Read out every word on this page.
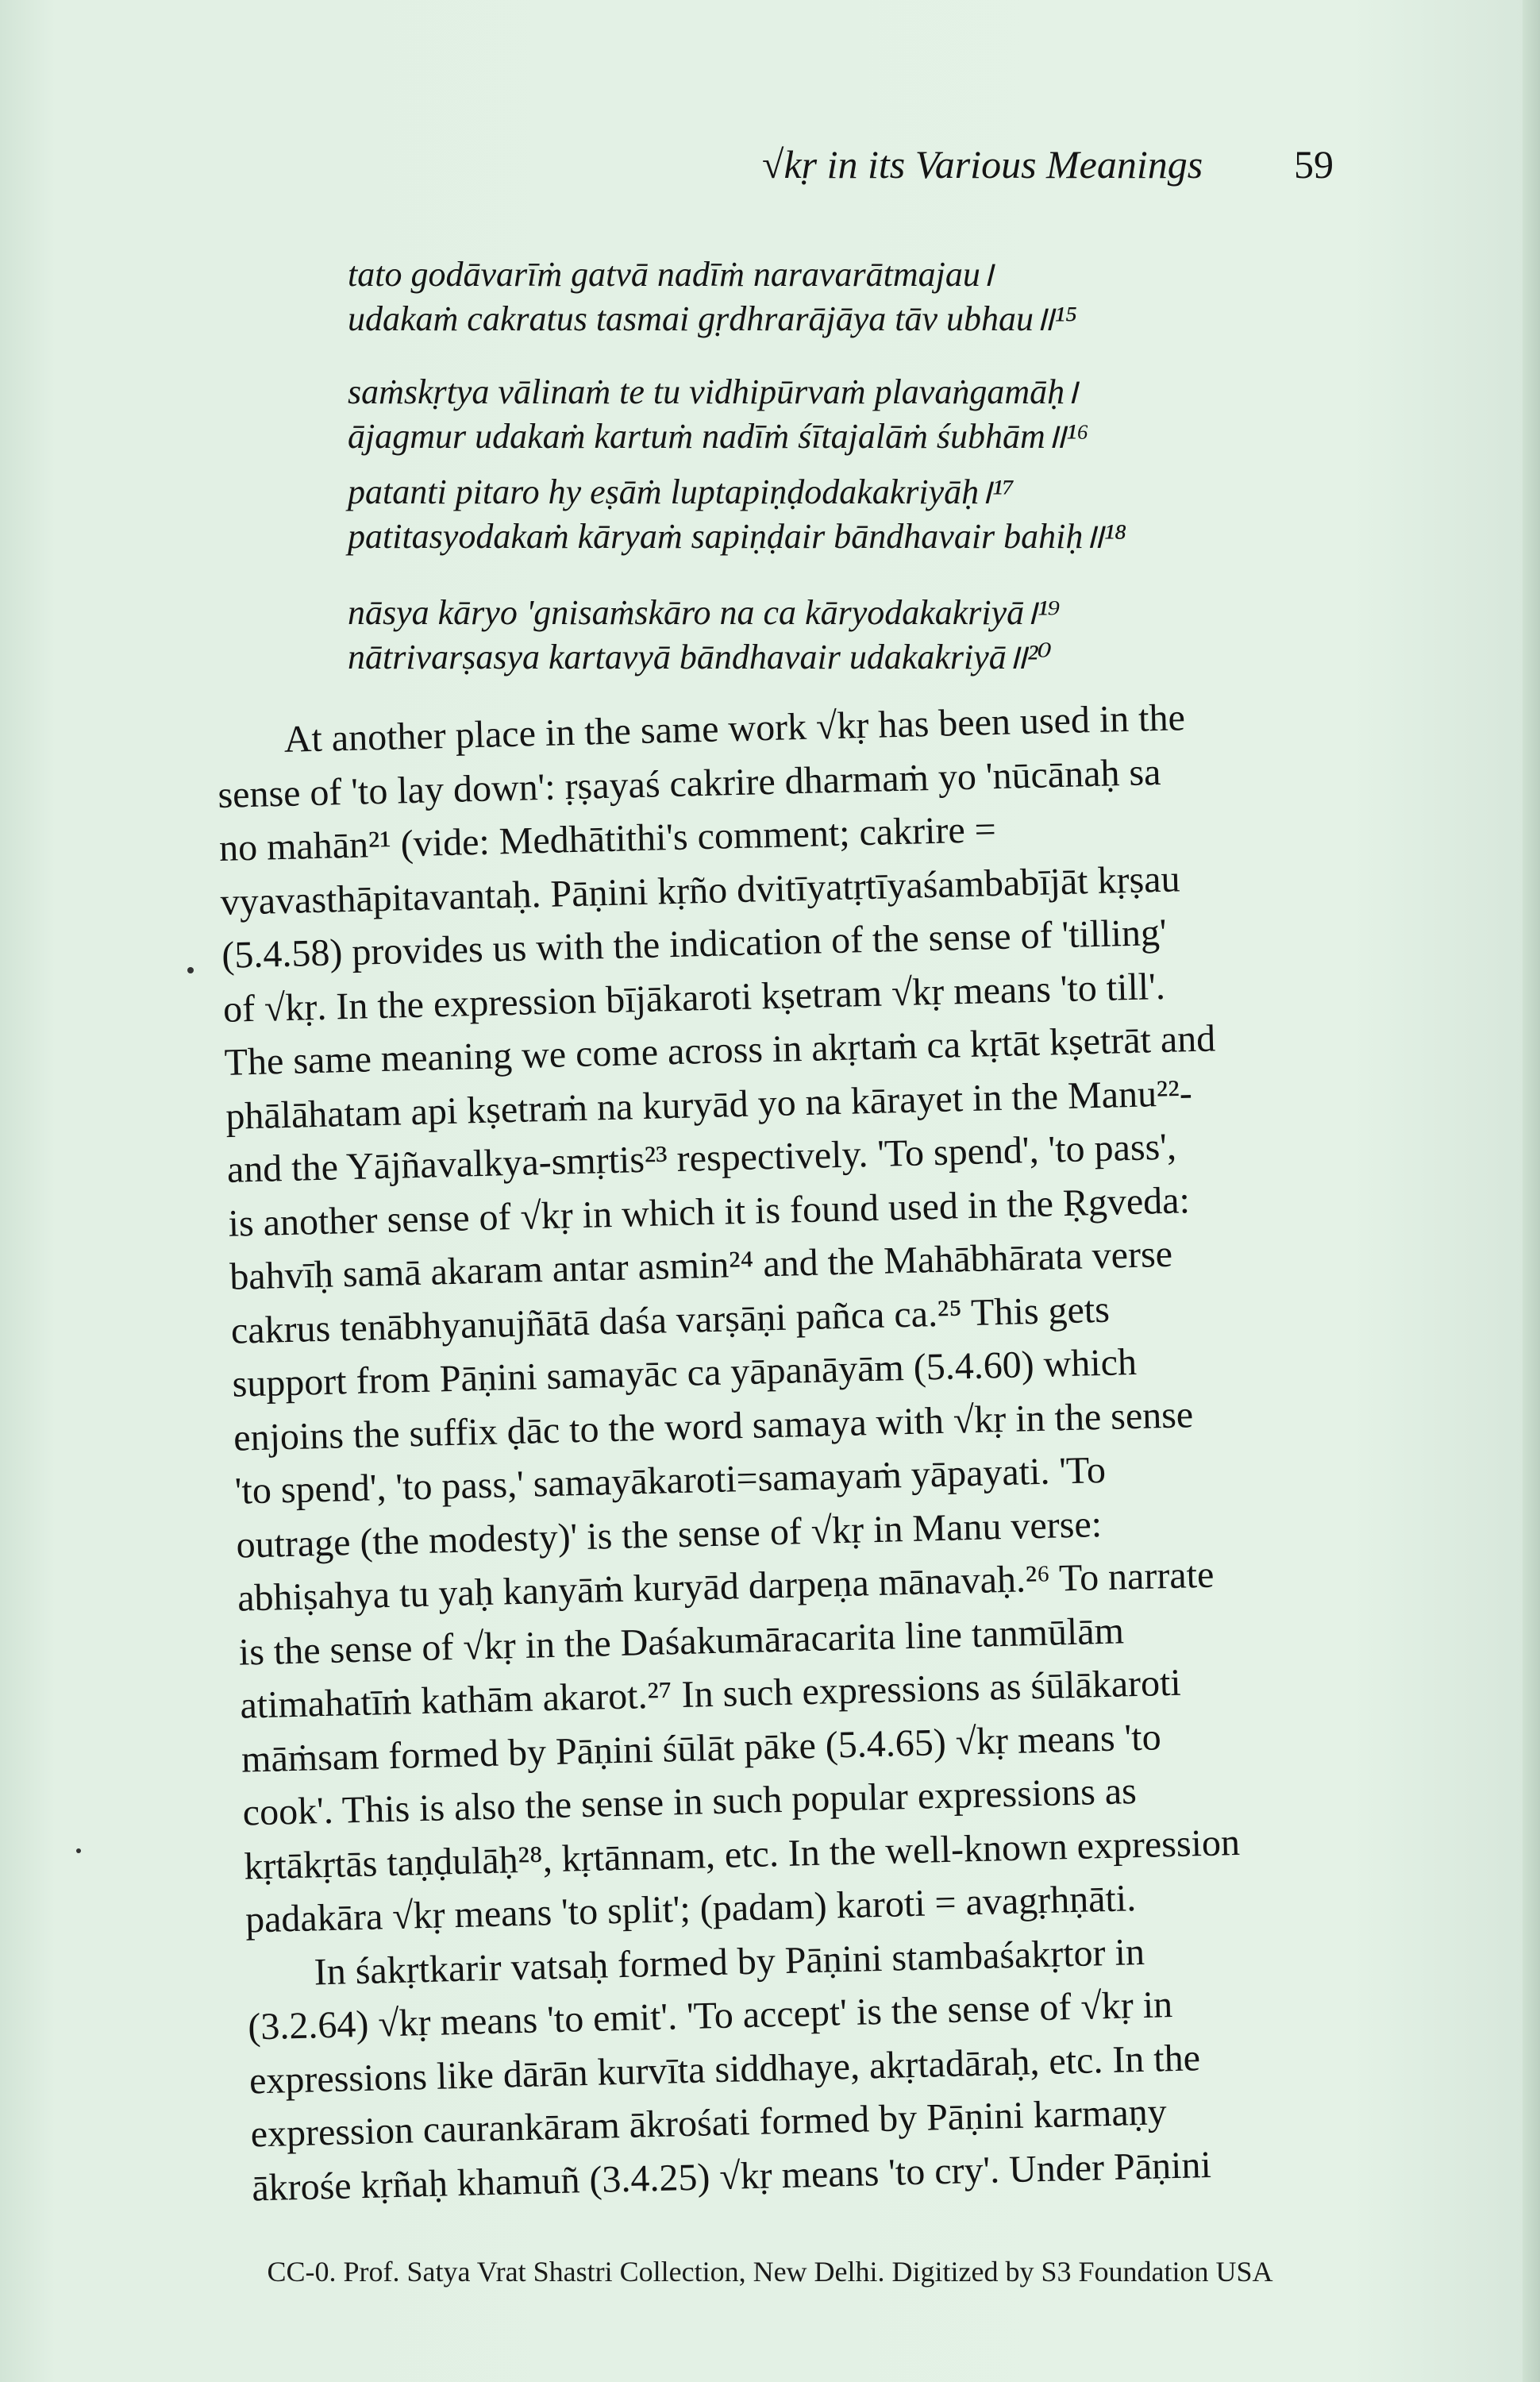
√kṛ in its Various Meanings 59
tato godāvarīṁ gatvā nadīṁ naravarātmajau।
udakaṁ cakratus tasmai gṛdhrarājāya tāv ubhau॥¹⁵
saṁskṛtya vālinaṁ te tu vidhipūrvaṁ plavaṅgamāḥ।
ājagmur udakaṁ kartuṁ nadīṁ śītajalāṁ śubhām॥¹⁶
patanti pitaro hy eṣāṁ luptapiṇḍodakakriyāḥ।¹⁷
patitasyodakaṁ kāryaṁ sapiṇḍair bāndhavair bahiḥ॥¹⁸
nāsya kāryo 'gnisaṁskāro na ca kāryodakakriyā।¹⁹
nātrivarṣasya kartavyā bāndhavair udakakriyā॥²⁰
At another place in the same work √kṛ has been used in the
sense of 'to lay down': ṛṣayaś cakrire dharmaṁ yo 'nūcānaḥ sa
no mahān²¹ (vide: Medhātithi's comment; cakrire =
vyavasthāpitavantaḥ. Pāṇini kṛño dvitīyatṛtīyaśambabījāt kṛṣau
(5.4.58) provides us with the indication of the sense of 'tilling'
of √kṛ. In the expression bījākaroti kṣetram √kṛ means 'to till'.
The same meaning we come across in akṛtaṁ ca kṛtāt kṣetrāt and
phālāhatam api kṣetraṁ na kuryād yo na kārayet in the Manu²²-
and the Yājñavalkya-smṛtis²³ respectively. 'To spend', 'to pass',
is another sense of √kṛ in which it is found used in the Ṛgveda:
bahvīḥ samā akaram antar asmin²⁴ and the Mahābhārata verse
cakrus tenābhyanujñātā daśa varṣāṇi pañca ca.²⁵ This gets
support from Pāṇini samayāc ca yāpanāyām (5.4.60) which
enjoins the suffix ḍāc to the word samaya with √kṛ in the sense
'to spend', 'to pass,' samayākaroti=samayaṁ yāpayati. 'To
outrage (the modesty)' is the sense of √kṛ in Manu verse:
abhiṣahya tu yaḥ kanyāṁ kuryād darpeṇa mānavaḥ.²⁶ To narrate
is the sense of √kṛ in the Daśakumāracarita line tanmūlām
atimahatīṁ kathām akarot.²⁷ In such expressions as śūlākaroti
māṁsam formed by Pāṇini śūlāt pāke (5.4.65) √kṛ means 'to
cook'. This is also the sense in such popular expressions as
kṛtākṛtās taṇḍulāḥ²⁸, kṛtānnam, etc. In the well-known expression
padakāra √kṛ means 'to split'; (padam) karoti = avagṛhṇāti.
In śakṛtkarir vatsaḥ formed by Pāṇini stambaśakṛtor in
(3.2.64) √kṛ means 'to emit'. 'To accept' is the sense of √kṛ in
expressions like dārān kurvīta siddhaye, akṛtadāraḥ, etc. In the
expression caurankāram ākrośati formed by Pāṇini karmaṇy
ākrośe kṛñaḥ khamuñ (3.4.25) √kṛ means 'to cry'. Under Pāṇini
CC-0. Prof. Satya Vrat Shastri Collection, New Delhi. Digitized by S3 Foundation USA
